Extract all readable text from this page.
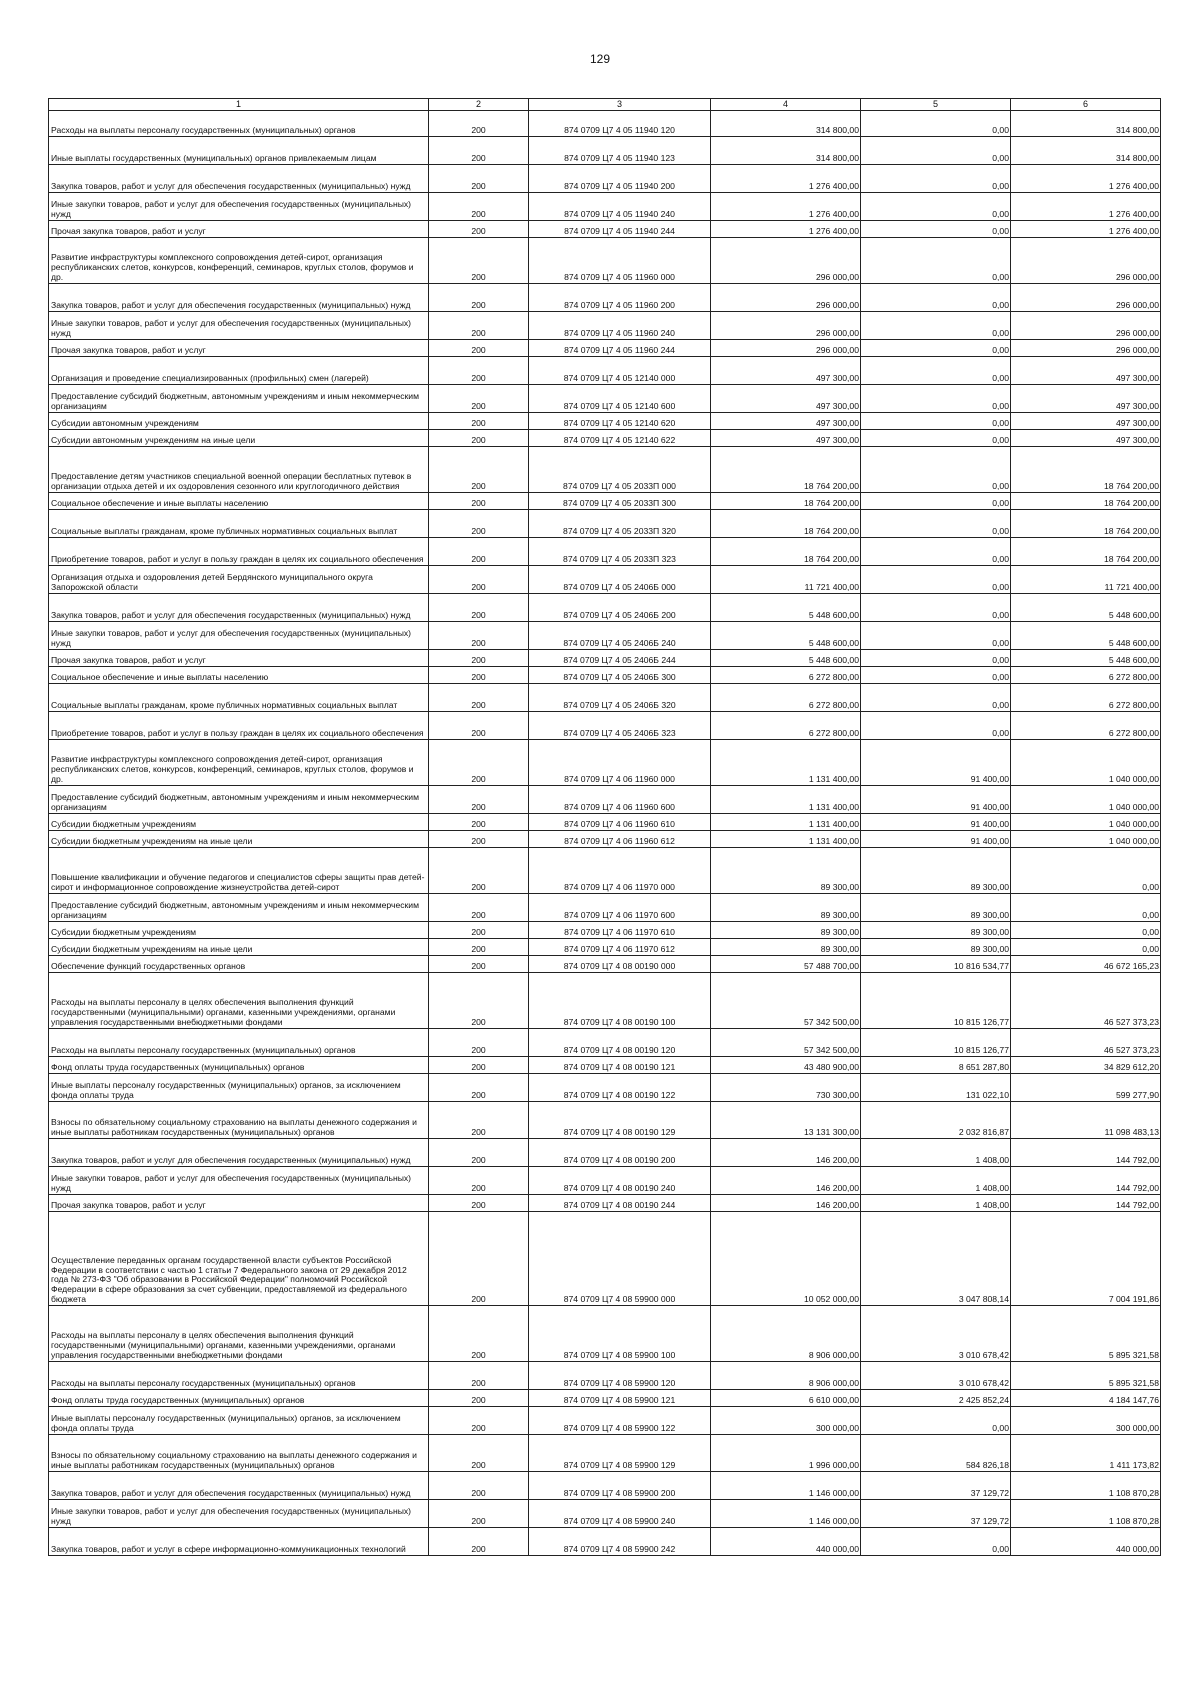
129
1	2	3	4	5	6
Расходы на выплаты персоналу государственных (муниципальных) органов	200	874 0709 Ц7 4 05 11940 120	314 800,00	0,00	314 800,00
Иные выплаты государственных (муниципальных) органов привлекаемым лицам	200	874 0709 Ц7 4 05 11940 123	314 800,00	0,00	314 800,00
Закупка товаров, работ и услуг для обеспечения государственных (муниципальных) нужд	200	874 0709 Ц7 4 05 11940 200	1 276 400,00	0,00	1 276 400,00
Иные закупки товаров, работ и услуг для обеспечения государственных (муниципальных) нужд	200	874 0709 Ц7 4 05 11940 240	1 276 400,00	0,00	1 276 400,00
Прочая закупка товаров, работ и услуг	200	874 0709 Ц7 4 05 11940 244	1 276 400,00	0,00	1 276 400,00
Развитие инфраструктуры комплексного сопровождения детей-сирот, организация республиканских слетов, конкурсов, конференций, семинаров, круглых столов, форумов и др.	200	874 0709 Ц7 4 05 11960 000	296 000,00	0,00	296 000,00
Закупка товаров, работ и услуг для обеспечения государственных (муниципальных) нужд	200	874 0709 Ц7 4 05 11960 200	296 000,00	0,00	296 000,00
Иные закупки товаров, работ и услуг для обеспечения государственных (муниципальных) нужд	200	874 0709 Ц7 4 05 11960 240	296 000,00	0,00	296 000,00
Прочая закупка товаров, работ и услуг	200	874 0709 Ц7 4 05 11960 244	296 000,00	0,00	296 000,00
Организация и проведение специализированных (профильных) смен (лагерей)	200	874 0709 Ц7 4 05 12140 000	497 300,00	0,00	497 300,00
Предоставление субсидий бюджетным, автономным учреждениям и иным некоммерческим организациям	200	874 0709 Ц7 4 05 12140 600	497 300,00	0,00	497 300,00
Субсидии автономным учреждениям	200	874 0709 Ц7 4 05 12140 620	497 300,00	0,00	497 300,00
Субсидии автономным учреждениям на иные цели	200	874 0709 Ц7 4 05 12140 622	497 300,00	0,00	497 300,00
Предоставление детям участников специальной военной операции бесплатных путевок в организации отдыха детей и их оздоровления сезонного или круглогодичного действия	200	874 0709 Ц7 4 05 2033П 000	18 764 200,00	0,00	18 764 200,00
Социальное обеспечение и иные выплаты населению	200	874 0709 Ц7 4 05 2033П 300	18 764 200,00	0,00	18 764 200,00
Социальные выплаты гражданам, кроме публичных нормативных социальных выплат	200	874 0709 Ц7 4 05 2033П 320	18 764 200,00	0,00	18 764 200,00
Приобретение товаров, работ и услуг в пользу граждан в целях их социального обеспечения	200	874 0709 Ц7 4 05 2033П 323	18 764 200,00	0,00	18 764 200,00
Организация отдыха и оздоровления детей Бердянского муниципального округа Запорожской области	200	874 0709 Ц7 4 05 2406Б 000	11 721 400,00	0,00	11 721 400,00
Закупка товаров, работ и услуг для обеспечения государственных (муниципальных) нужд	200	874 0709 Ц7 4 05 2406Б 200	5 448 600,00	0,00	5 448 600,00
Иные закупки товаров, работ и услуг для обеспечения государственных (муниципальных) нужд	200	874 0709 Ц7 4 05 2406Б 240	5 448 600,00	0,00	5 448 600,00
Прочая закупка товаров, работ и услуг	200	874 0709 Ц7 4 05 2406Б 244	5 448 600,00	0,00	5 448 600,00
Социальное обеспечение и иные выплаты населению	200	874 0709 Ц7 4 05 2406Б 300	6 272 800,00	0,00	6 272 800,00
Социальные выплаты гражданам, кроме публичных нормативных социальных выплат	200	874 0709 Ц7 4 05 2406Б 320	6 272 800,00	0,00	6 272 800,00
Приобретение товаров, работ и услуг в пользу граждан в целях их социального обеспечения	200	874 0709 Ц7 4 05 2406Б 323	6 272 800,00	0,00	6 272 800,00
Развитие инфраструктуры комплексного сопровождения детей-сирот, организация республиканских слетов, конкурсов, конференций, семинаров, круглых столов, форумов и др.	200	874 0709 Ц7 4 06 11960 000	1 131 400,00	91 400,00	1 040 000,00
Предоставление субсидий бюджетным, автономным учреждениям и иным некоммерческим организациям	200	874 0709 Ц7 4 06 11960 600	1 131 400,00	91 400,00	1 040 000,00
Субсидии бюджетным учреждениям	200	874 0709 Ц7 4 06 11960 610	1 131 400,00	91 400,00	1 040 000,00
Субсидии бюджетным учреждениям на иные цели	200	874 0709 Ц7 4 06 11960 612	1 131 400,00	91 400,00	1 040 000,00
Повышение квалификации и обучение педагогов и специалистов сферы защиты прав детей-сирот и информационное сопровождение жизнеустройства детей-сирот	200	874 0709 Ц7 4 06 11970 000	89 300,00	89 300,00	0,00
Предоставление субсидий бюджетным, автономным учреждениям и иным некоммерческим организациям	200	874 0709 Ц7 4 06 11970 600	89 300,00	89 300,00	0,00
Субсидии бюджетным учреждениям	200	874 0709 Ц7 4 06 11970 610	89 300,00	89 300,00	0,00
Субсидии бюджетным учреждениям на иные цели	200	874 0709 Ц7 4 06 11970 612	89 300,00	89 300,00	0,00
Обеспечение функций государственных органов	200	874 0709 Ц7 4 08 00190 000	57 488 700,00	10 816 534,77	46 672 165,23
Расходы на выплаты персоналу в целях обеспечения выполнения функций государственными (муниципальными) органами, казенными учреждениями, органами управления государственными внебюджетными фондами	200	874 0709 Ц7 4 08 00190 100	57 342 500,00	10 815 126,77	46 527 373,23
Расходы на выплаты персоналу государственных (муниципальных) органов	200	874 0709 Ц7 4 08 00190 120	57 342 500,00	10 815 126,77	46 527 373,23
Фонд оплаты труда государственных (муниципальных) органов	200	874 0709 Ц7 4 08 00190 121	43 480 900,00	8 651 287,80	34 829 612,20
Иные выплаты персоналу государственных (муниципальных) органов, за исключением фонда оплаты труда	200	874 0709 Ц7 4 08 00190 122	730 300,00	131 022,10	599 277,90
Взносы по обязательному социальному страхованию на выплаты денежного содержания и иные выплаты работникам государственных (муниципальных) органов	200	874 0709 Ц7 4 08 00190 129	13 131 300,00	2 032 816,87	11 098 483,13
Закупка товаров, работ и услуг для обеспечения государственных (муниципальных) нужд	200	874 0709 Ц7 4 08 00190 200	146 200,00	1 408,00	144 792,00
Иные закупки товаров, работ и услуг для обеспечения государственных (муниципальных) нужд	200	874 0709 Ц7 4 08 00190 240	146 200,00	1 408,00	144 792,00
Прочая закупка товаров, работ и услуг	200	874 0709 Ц7 4 08 00190 244	146 200,00	1 408,00	144 792,00
Осуществление переданных органам государственной власти субъектов Российской Федерации в соответствии с частью 1 статьи 7 Федерального закона от 29 декабря 2012 года № 273-ФЗ "Об образовании в Российской Федерации" полномочий Российской Федерации в сфере образования за счет субвенции, предоставляемой из федерального бюджета	200	874 0709 Ц7 4 08 59900 000	10 052 000,00	3 047 808,14	7 004 191,86
Расходы на выплаты персоналу в целях обеспечения выполнения функций государственными (муниципальными) органами, казенными учреждениями, органами управления государственными внебюджетными фондами	200	874 0709 Ц7 4 08 59900 100	8 906 000,00	3 010 678,42	5 895 321,58
Расходы на выплаты персоналу государственных (муниципальных) органов	200	874 0709 Ц7 4 08 59900 120	8 906 000,00	3 010 678,42	5 895 321,58
Фонд оплаты труда государственных (муниципальных) органов	200	874 0709 Ц7 4 08 59900 121	6 610 000,00	2 425 852,24	4 184 147,76
Иные выплаты персоналу государственных (муниципальных) органов, за исключением фонда оплаты труда	200	874 0709 Ц7 4 08 59900 122	300 000,00	0,00	300 000,00
Взносы по обязательному социальному страхованию на выплаты денежного содержания и иные выплаты работникам государственных (муниципальных) органов	200	874 0709 Ц7 4 08 59900 129	1 996 000,00	584 826,18	1 411 173,82
Закупка товаров, работ и услуг для обеспечения государственных (муниципальных) нужд	200	874 0709 Ц7 4 08 59900 200	1 146 000,00	37 129,72	1 108 870,28
Иные закупки товаров, работ и услуг для обеспечения государственных (муниципальных) нужд	200	874 0709 Ц7 4 08 59900 240	1 146 000,00	37 129,72	1 108 870,28
Закупка товаров, работ и услуг в сфере информационно-коммуникационных технологий	200	874 0709 Ц7 4 08 59900 242	440 000,00	0,00	440 000,00
